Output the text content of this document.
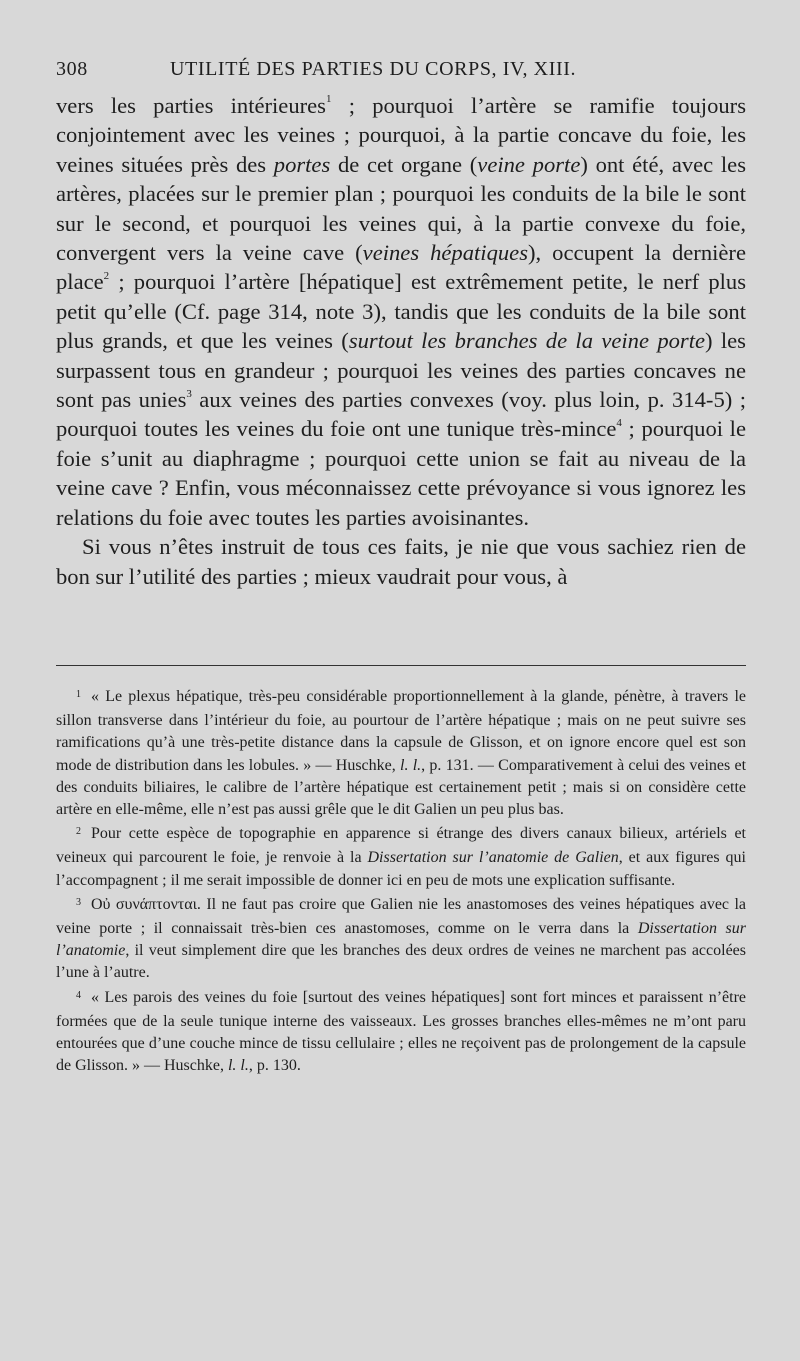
308	UTILITÉ DES PARTIES DU CORPS, IV, XIII.

vers les parties intérieures$^1$ ; pourquoi l’artère se ramifie toujours conjointement avec les veines ; pourquoi, à la partie concave du foie, les veines situées près des portes de cet organe (veine porte) ont été, avec les artères, placées sur le premier plan ; pourquoi les conduits de la bile le sont sur le second, et pourquoi les veines qui, à la partie convexe du foie, convergent vers la veine cave (veines hépatiques), occupent la dernière place$^2$ ; pourquoi l’artère [hépatique] est extrêmement petite, le nerf plus petit qu’elle (Cf. page 314, note 3), tandis que les conduits de la bile sont plus grands, et que les veines (surtout les branches de la veine porte) les surpassent tous en grandeur ; pourquoi les veines des parties concaves ne sont pas unies$^3$ aux veines des parties convexes (voy. plus loin, p. 314-5) ; pourquoi toutes les veines du foie ont une tunique très-mince$^4$ ; pourquoi le foie s’unit au diaphragme ; pourquoi cette union se fait au niveau de la veine cave ? Enfin, vous méconnaissez cette prévoyance si vous ignorez les relations du foie avec toutes les parties avoisinantes.

Si vous n’êtes instruit de tous ces faits, je nie que vous sachiez rien de bon sur l’utilité des parties ; mieux vaudrait pour vous, à

$^1$ « Le plexus hépatique, très-peu considérable proportionnellement à la glande, pénètre, à travers le sillon transverse dans l’intérieur du foie, au pourtour de l’artère hépatique ; mais on ne peut suivre ses ramifications qu’à une très-petite distance dans la capsule de Glisson, et on ignore encore quel est son mode de distribution dans les lobules. » — Huschke, l. l., p. 131. — Comparativement à celui des veines et des conduits biliaires, le calibre de l’artère hépatique est certainement petit ; mais si on considère cette artère en elle-même, elle n’est pas aussi grêle que le dit Galien un peu plus bas.

$^2$ Pour cette espèce de topographie en apparence si étrange des divers canaux bilieux, artériels et veineux qui parcourent le foie, je renvoie à la Dissertation sur l’anatomie de Galien, et aux figures qui l’accompagnent ; il me serait impossible de donner ici en peu de mots une explication suffisante.

$^3$ Οὐ συνάπτονται. Il ne faut pas croire que Galien nie les anastomoses des veines hépatiques avec la veine porte ; il connaissait très-bien ces anastomoses, comme on le verra dans la Dissertation sur l’anatomie, il veut simplement dire que les branches des deux ordres de veines ne marchent pas accolées l’une à l’autre.

$^4$ « Les parois des veines du foie [surtout des veines hépatiques] sont fort minces et paraissent n’être formées que de la seule tunique interne des vaisseaux. Les grosses branches elles-mêmes ne m’ont paru entourées que d’une couche mince de tissu cellulaire ; elles ne reçoivent pas de prolongement de la capsule de Glisson. » — Huschke, l. l., p. 130.
